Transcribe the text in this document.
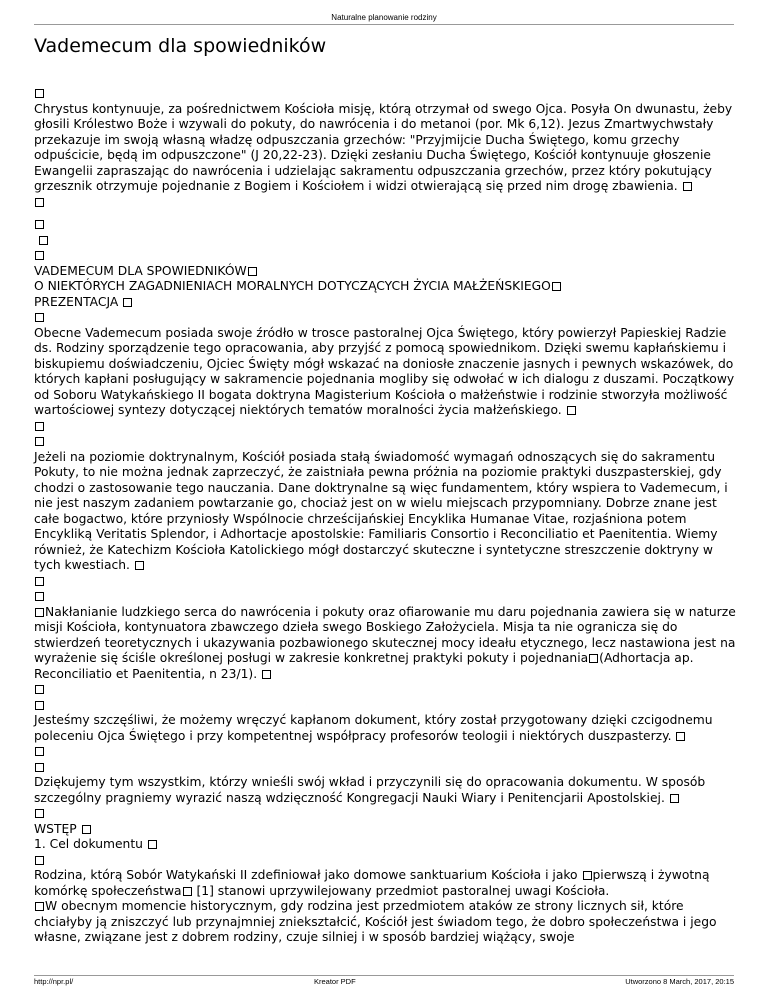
Naturalne planowanie rodziny
Vademecum dla spowiedników

Chrystus kontynuuje, za pośrednictwem Kościoła misję, którą otrzymał od swego Ojca. Posyła On dwunastu, żeby głosili Królestwo Boże i wzywali do pokuty, do nawrócenia i do metanoi (por. Mk 6,12). Jezus Zmartwychwstały przekazuje im swoją własną władzę odpuszczania grzechów: "Przyjmijcie Ducha Świętego, komu grzechy odpuścicie, będą im odpuszczone" (J 20,22-23). Dzięki zesłaniu Ducha Świętego, Kościół kontynuuje głoszenie Ewangelii zapraszając do nawrócenia i udzielając sakramentu odpuszczania grzechów, przez który pokutujący grzesznik otrzymuje pojednanie z Bogiem i Kościołem i widzi otwierającą się przed nim drogę zbawienia.

VADEMECUM DLA SPOWIEDNIKÓW

O NIEKTÓRYCH ZAGADNIENIACH MORALNYCH DOTYCZĄCYCH ŻYCIA MAŁŻEŃSKIEGO

PREZENTACJA

Obecne Vademecum posiada swoje źródło w trosce pastoralnej Ojca Świętego, który powierzył Papieskiej Radzie ds. Rodziny sporządzenie tego opracowania, aby przyjść z pomocą spowiednikom. Dzięki swemu kapłańskiemu i biskupiemu doświadczeniu, Ojciec Święty mógł wskazać na doniosłe znaczenie jasnych i pewnych wskazówek, do których kapłani posługujący w sakramencie pojednania mogliby się odwołać w ich dialogu z duszami. Początkowy od Soboru Watykańskiego II bogata doktryna Magisterium Kościoła o małżeństwie i rodzinie stworzyła możliwość wartościowej syntezy dotyczącej niektórych tematów moralności życia małżeńskiego.

Jeżeli na poziomie doktrynalnym, Kościół posiada stałą świadomość wymagań odnoszących się do sakramentu Pokuty, to nie można jednak zaprzeczyć, że zaistniała pewna próżnia na poziomie praktyki duszpasterskiej, gdy chodzi o zastosowanie tego nauczania. Dane doktrynalne są więc fundamentem, który wspiera to Vademecum, i nie jest naszym zadaniem powtarzanie go, chociaż jest on w wielu miejscach przypomniany. Dobrze znane jest całe bogactwo, które przyniosły Wspólnocie chrześcijańskiej Encyklika Humanae Vitae, rozjaśniona potem Encykliką Veritatis Splendor, i Adhortacje apostolskie: Familiaris Consortio i Reconciliatio et Paenitentia. Wiemy również, że Katechizm Kościoła Katolickiego mógł dostarczyć skuteczne i syntetyczne streszczenie doktryny w tych kwestiach.

Nakłanianie ludzkiego serca do nawrócenia i pokuty oraz ofiarowanie mu daru pojednania zawiera się w naturze misji Kościoła, kontynuatora zbawczego dzieła swego Boskiego Założyciela. Misja ta nie ogranicza się do stwierdzeń teoretycznych i ukazywania pozbawionego skutecznej mocy ideału etycznego, lecz nastawiona jest na wyrażenie się ściśle określonej posługi w zakresie konkretnej praktyki pokuty i pojednania (Adhortacja ap. Reconciliatio et Paenitentia, n 23/1).

Jesteśmy szczęśliwi, że możemy wręczyć kapłanom dokument, który został przygotowany dzięki czcigodnemu poleceniu Ojca Świętego i przy kompetentnej współpracy profesorów teologii i niektórych duszpasterzy.

Dziękujemy tym wszystkim, którzy wnieśli swój wkład i przyczynili się do opracowania dokumentu. W sposób szczególny pragniemy wyrazić naszą wdzięczność Kongregacji Nauki Wiary i Penitencjarii Apostolskiej.

WSTĘP

1. Cel dokumentu

Rodzina, którą Sobór Watykański II zdefiniował jako domowe sanktuarium Kościoła i jako pierwszą i żywotną komórkę społeczeństwa [1] stanowi uprzywilejowany przedmiot pastoralnej uwagi Kościoła.

W obecnym momencie historycznym, gdy rodzina jest przedmiotem ataków ze strony licznych sił, które chciałyby ją zniszczyć lub przynajmniej zniekształcić, Kościół jest świadom tego, że dobro społeczeństwa i jego własne, związane jest z dobrem rodziny, czuje silniej i w sposób bardziej wiążący, swoje

http://npr.pl/	Kreator PDF	Utworzono 8 March, 2017, 20:15
